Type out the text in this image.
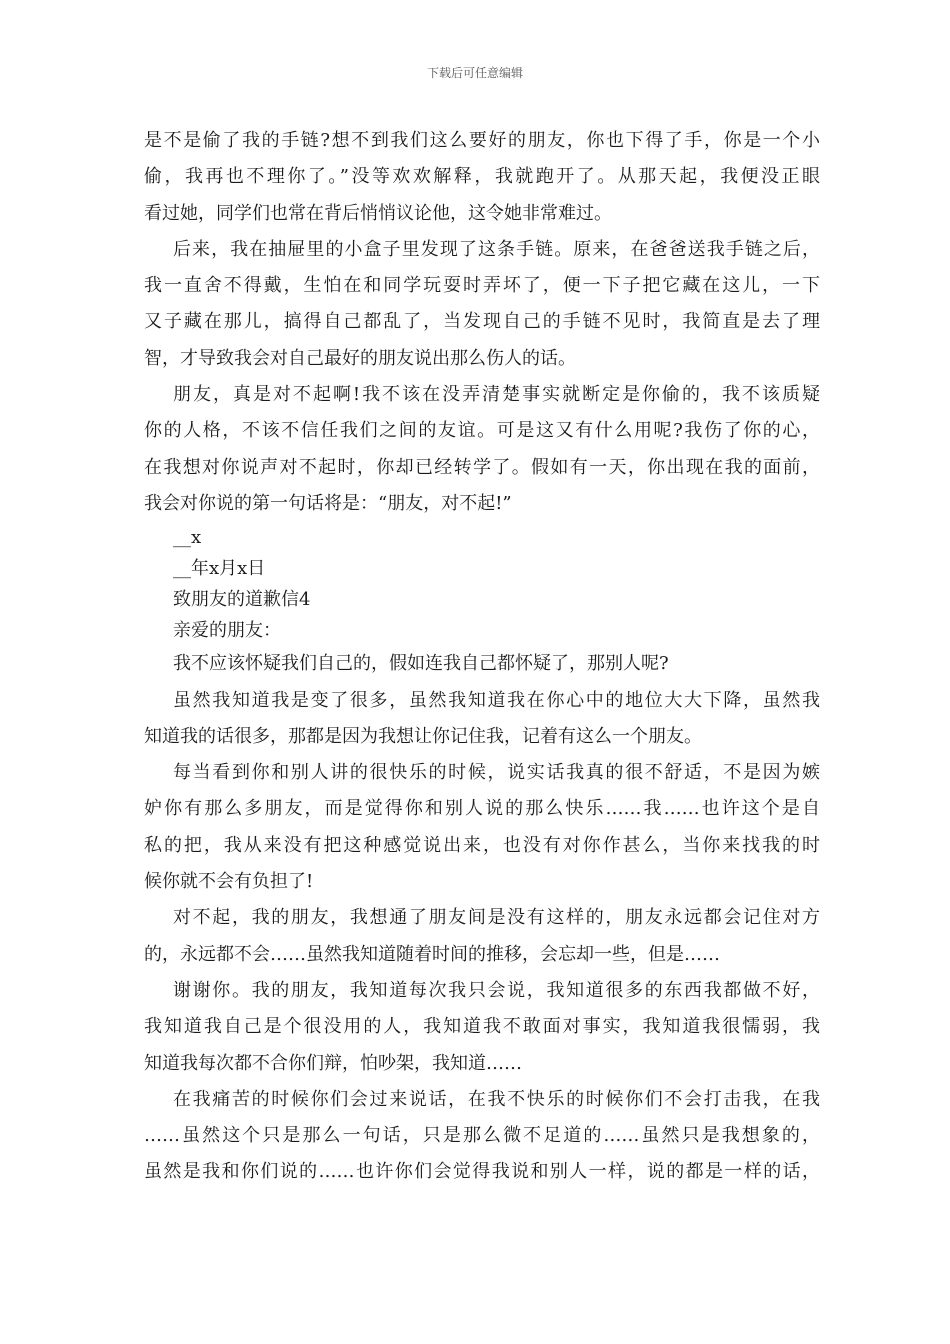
下载后可任意编辑
是不是偷了我的手链?想不到我们这么要好的朋友，你也下得了手，你是一个小
偷，我再也不理你了。”没等欢欢解释，我就跑开了。从那天起，我便没正眼
看过她，同学们也常在背后悄悄议论他，这令她非常难过。
后来，我在抽屉里的小盒子里发现了这条手链。原来，在爸爸送我手链之后，
我一直舍不得戴，生怕在和同学玩耍时弄坏了，便一下子把它藏在这儿，一下
又子藏在那儿，搞得自己都乱了，当发现自己的手链不见时，我简直是去了理
智，才导致我会对自己最好的朋友说出那么伤人的话。
朋友，真是对不起啊!我不该在没弄清楚事实就断定是你偷的，我不该质疑
你的人格，不该不信任我们之间的友谊。可是这又有什么用呢?我伤了你的心，
在我想对你说声对不起时，你却已经转学了。假如有一天，你出现在我的面前，
我会对你说的第一句话将是：“朋友，对不起!”
__x
__年x月x日
致朋友的道歉信4
亲爱的朋友：
我不应该怀疑我们自己的，假如连我自己都怀疑了，那别人呢?
虽然我知道我是变了很多，虽然我知道我在你心中的地位大大下降，虽然我
知道我的话很多，那都是因为我想让你记住我，记着有这么一个朋友。
每当看到你和别人讲的很快乐的时候，说实话我真的很不舒适，不是因为嫉
妒你有那么多朋友，而是觉得你和别人说的那么快乐……我……也许这个是自
私的把，我从来没有把这种感觉说出来，也没有对你作甚么，当你来找我的时
候你就不会有负担了!
对不起，我的朋友，我想通了朋友间是没有这样的，朋友永远都会记住对方
的，永远都不会……虽然我知道随着时间的推移，会忘却一些，但是……
谢谢你。我的朋友，我知道每次我只会说，我知道很多的东西我都做不好，
我知道我自己是个很没用的人，我知道我不敢面对事实，我知道我很懦弱，我
知道我每次都不合你们辩，怕吵架，我知道……
在我痛苦的时候你们会过来说话，在我不快乐的时候你们不会打击我，在我
……虽然这个只是那么一句话，只是那么微不足道的……虽然只是我想象的，
虽然是我和你们说的……也许你们会觉得我说和别人一样，说的都是一样的话，
